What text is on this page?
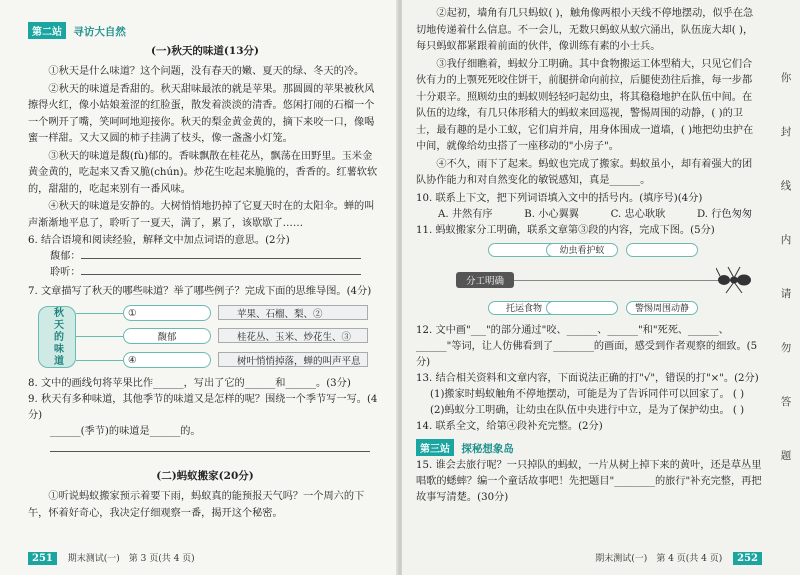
第二站 寻访大自然
(一)秋天的味道(13分)
①秋天是什么味道？这个问题，没有春天的嫩、夏天的绿、冬天的冷。
②秋天的味道是香甜的。秋天甜味最浓的就是苹果。那圆圆的苹果被秋风擦得火红，像小姑娘羞涩的红脸蛋，散发着淡淡的清香。悠闲打闹的石榴一个一个咧开了嘴，笑呵呵地迎接你。秋天的梨金黄金黄的，摘下来咬一口，像喝蜜一样甜。又大又圆的柿子挂满了枝头，像一盏盏小灯笼。
③秋天的味道是馥(fù)郁的。香味飘散在桂花丛，飘荡在田野里。玉米金黄金黄的，吃起来又香又脆(chún)。炒花生吃起来脆脆的，香香的。红薯软软的，甜甜的，吃起来别有一番风味。
④秋天的味道是安静的。大树悄悄地扔掉了它夏天时在的太阳伞。蝉的叫声渐渐地平息了，聆听了一夏天，满了，累了，该歇歇了……
6. 结合语境和阅读经验，解释文中加点词语的意思。(2分)
馥郁：
聆听：
7. 文章描写了秋天的哪些味道？举了哪些例子？完成下面的思维导图。(4分)
秋天的味道	①
馥郁
④
苹果、石榴、梨、②
桂花丛、玉米、炒花生、③
树叶悄悄掉落，蝉的叫声平息
8. 文中的画线句将苹果比作______，写出了它的______和______。(3分)
9. 秋天有多种味道，其他季节的味道又是怎样的呢？围绕一个季节写一写。(4分)
______(季节)的味道是______的。
(二)蚂蚁搬家(20分)
①听说蚂蚁搬家预示着要下雨，蚂蚁真的能预报天气吗？一个周六的下午，怀着好奇心，我决定仔细观察一番，揭开这个秘密。
251 期末测试(一)　第 3 页(共 4 页)
②起初，墙角有几只蚂蚁( )，触角像两根小天线不停地摆动，似乎在急切地传递着什么信息。不一会儿，无数只蚂蚁从蚁穴涌出，队伍庞大却( )，每只蚂蚁都紧跟着前面的伙伴，像训练有素的小士兵。
③我仔细瞧着，蚂蚁分工明确。其中食物搬运工体型稍大，只见它们合伙有力的上颚死死咬住饼干，前腿拼命向前拉，后腿使劲往后推，每一步都十分艰辛。照顾幼虫的蚂蚁则轻轻叼起幼虫，将其稳稳地护在队伍中间。在队伍的边缘，有几只体形稍大的蚂蚁来回巡视，警惕周围的动静，( )的卫士，最有趣的是小工蚁，它们肩并肩，用身体围成一道墙，( )地把幼虫护在中间，就像给幼虫搭了一座移动的"小房子"。
④不久，雨下了起来。蚂蚁也完成了搬家。蚂蚁虽小，却有着强大的团队协作能力和对自然变化的敏锐感知，真是______。
10. 联系上下文，把下列词语填入文中的括号内。(填序号)(4分)
A. 井然有序	B. 小心翼翼	C. 忠心耿耿	D. 行色匆匆
11. 蚂蚁搬家分工明确，联系文章第③段的内容，完成下图。(5分)
分工明确
幼虫看护蚁
托运食物	警惕周围动静
12. 文中画"___"的部分通过"咬、______、______"和"死死、______、______"等词，让人仿佛看到了________的画面，感受到作者观察的细致。(5分)
13. 结合相关资料和文章内容，下面说法正确的打"√"，错误的打"×"。(2分)
(1)搬家时蚂蚁触角不停地摆动，可能是为了告诉同伴可以回家了。 ( )
(2)蚂蚁分工明确，让幼虫在队伍中央进行中立，是为了保护幼虫。 ( )
14. 联系全文，给第④段补充完整。(2分)
第三站 探秘想象岛
15. 谁会去旅行呢？一只掉队的蚂蚁，一片从树上掉下来的黄叶，还是草丛里唱歌的蟋蟀？编一个童话故事吧！先把题目"________的旅行"补充完整，再把故事写清楚。(30分)
期末测试(一)　第 4 页(共 4 页) 252
你
封
线
内
请
勿
答
题
